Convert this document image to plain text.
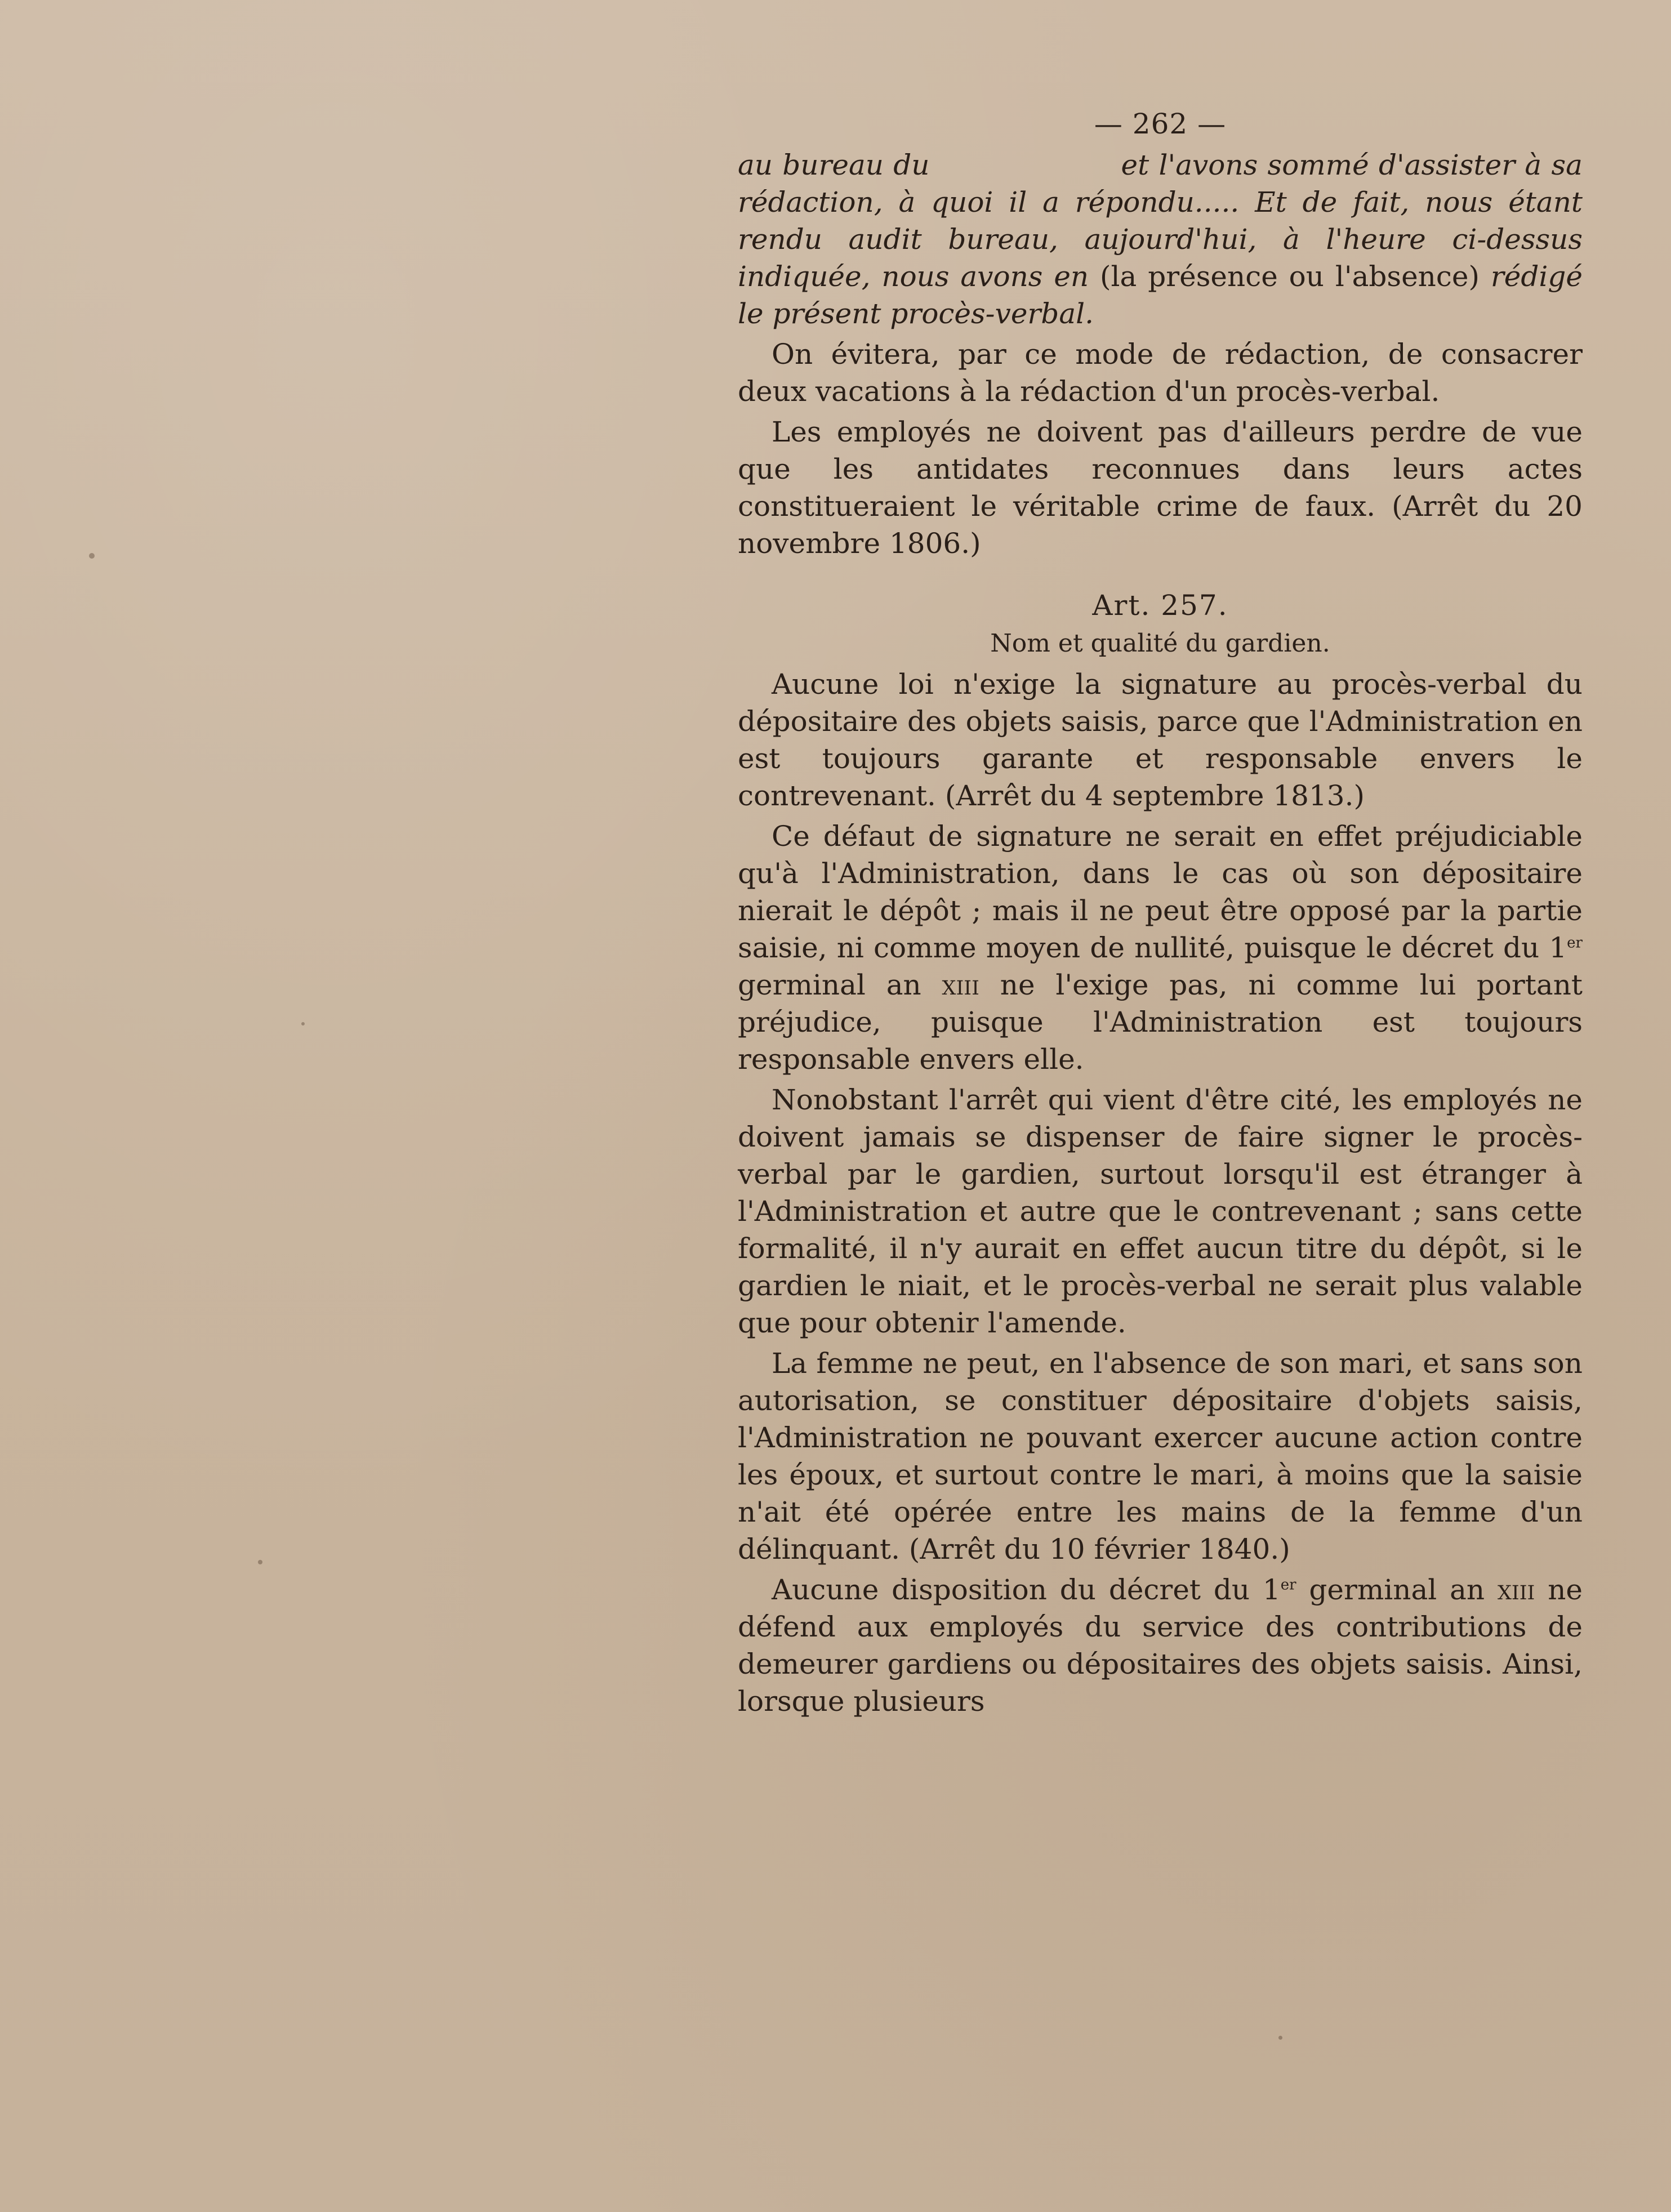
— 262 —

au bureau du	et l'avons sommé d'assister à sa rédaction, à quoi il a répondu..... Et de fait, nous étant rendu audit bureau, aujourd'hui, à l'heure ci-dessus indiquée, nous avons en (la présence ou l'absence) rédigé le présent procès-verbal.

On évitera, par ce mode de rédaction, de consacrer deux vacations à la rédaction d'un procès-verbal.

Les employés ne doivent pas d'ailleurs perdre de vue que les antidates reconnues dans leurs actes constitueraient le véritable crime de faux. (Arrêt du 20 novembre 1806.)

Art. 257.
Nom et qualité du gardien.

Aucune loi n'exige la signature au procès-verbal du dépositaire des objets saisis, parce que l'Administration en est toujours garante et responsable envers le contrevenant. (Arrêt du 4 septembre 1813.)

Ce défaut de signature ne serait en effet préjudiciable qu'à l'Administration, dans le cas où son dépositaire nierait le dépôt ; mais il ne peut être opposé par la partie saisie, ni comme moyen de nullité, puisque le décret du 1er germinal an xiii ne l'exige pas, ni comme lui portant préjudice, puisque l'Administration est toujours responsable envers elle.

Nonobstant l'arrêt qui vient d'être cité, les employés ne doivent jamais se dispenser de faire signer le procès-verbal par le gardien, surtout lorsqu'il est étranger à l'Administration et autre que le contrevenant ; sans cette formalité, il n'y aurait en effet aucun titre du dépôt, si le gardien le niait, et le procès-verbal ne serait plus valable que pour obtenir l'amende.

La femme ne peut, en l'absence de son mari, et sans son autorisation, se constituer dépositaire d'objets saisis, l'Administration ne pouvant exercer aucune action contre les époux, et surtout contre le mari, à moins que la saisie n'ait été opérée entre les mains de la femme d'un délinquant. (Arrêt du 10 février 1840.)

Aucune disposition du décret du 1er germinal an xiii ne défend aux employés du service des contributions de demeurer gardiens ou dépositaires des objets saisis. Ainsi, lorsque plusieurs
